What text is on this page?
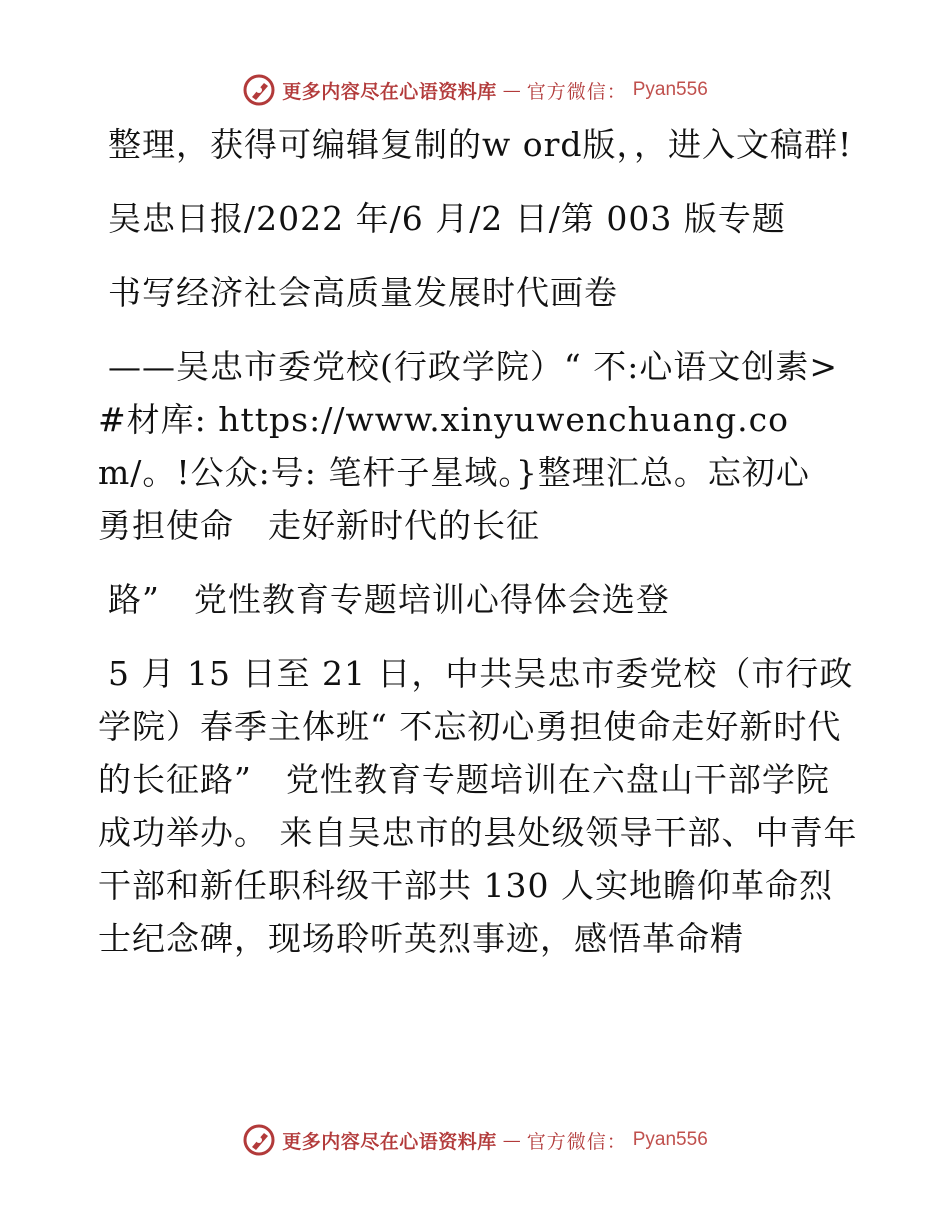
更多内容尽在心语资料库 — 官方微信： Pyan556

整理，获得可编辑复制的w ord版，，进入文稿群!

吴忠日报/2022 年/6 月/2 日/第 003 版专题

书写经济社会高质量发展时代画卷

——吴忠市委党校(行政学院）“ 不:心语文创素>#材库: https://www.xinyuwenchuang.com/。!公众:号: 笔杆子星域。}整理汇总。忘初心　勇担使命　走好新时代的长征

路”　党性教育专题培训心得体会选登

5 月 15 日至 21 日，中共吴忠市委党校（市行政学院）春季主体班“ 不忘初心勇担使命走好新时代的长征路”　党性教育专题培训在六盘山干部学院成功举办。 来自吴忠市的县处级领导干部、中青年干部和新任职科级干部共 130 人实地瞻仰革命烈士纪念碑，现场聆听英烈事迹，感悟革命精

更多内容尽在心语资料库 — 官方微信： Pyan556
